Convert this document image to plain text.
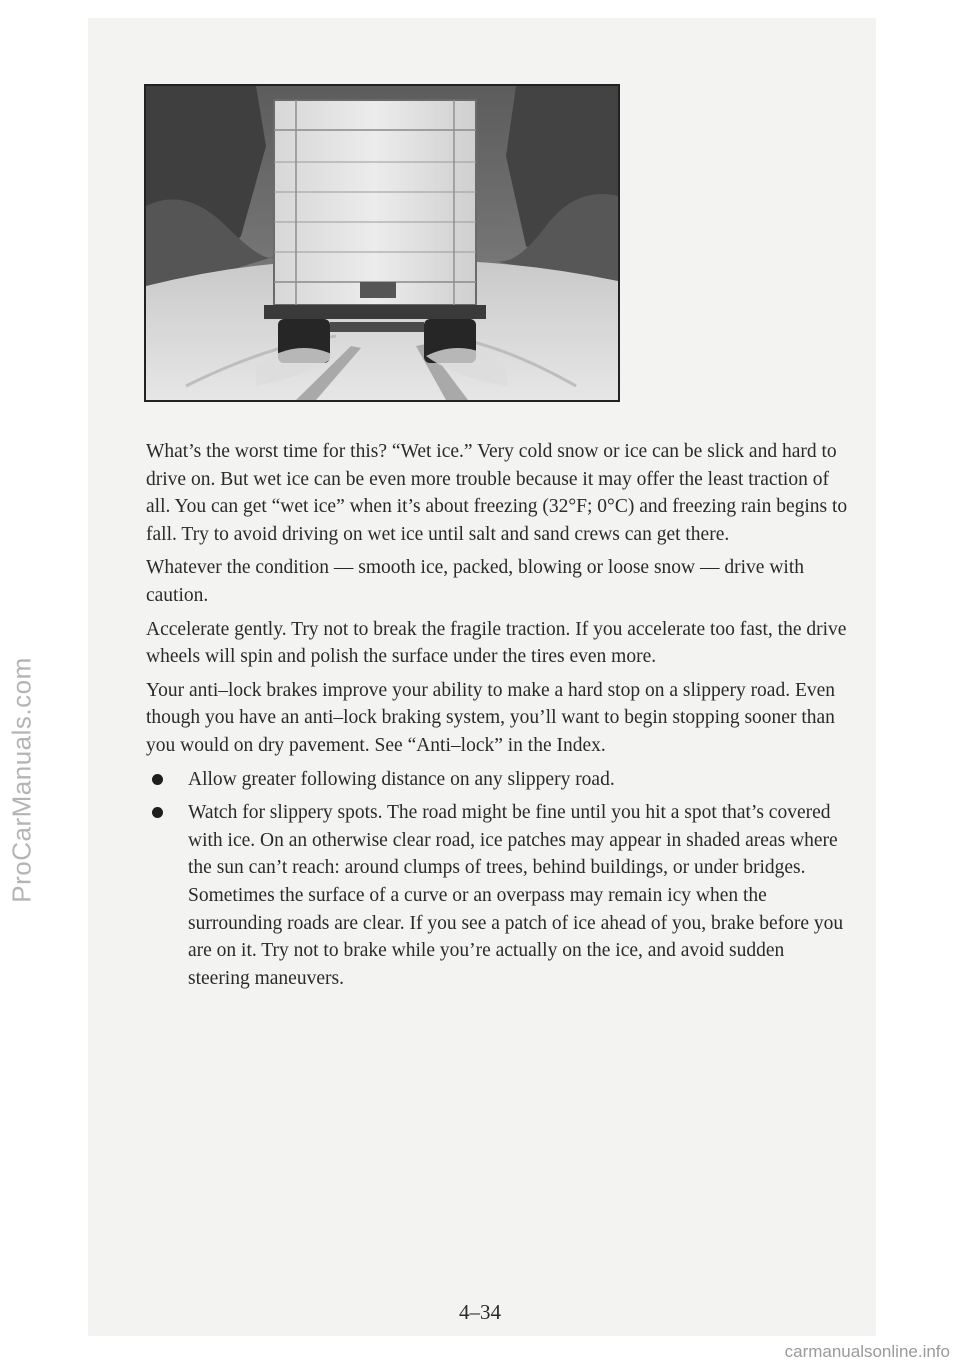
What’s the worst time for this? “Wet ice.” Very cold snow or ice can be slick and hard to drive on. But wet ice can be even more trouble because it may offer the least traction of all. You can get “wet ice” when it’s about freezing (32°F; 0°C) and freezing rain begins to fall. Try to avoid driving on wet ice until salt and sand crews can get there.

Whatever the condition — smooth ice, packed, blowing or loose snow — drive with caution.

Accelerate gently. Try not to break the fragile traction. If you accelerate too fast, the drive wheels will spin and polish the surface under the tires even more.

Your anti–lock brakes improve your ability to make a hard stop on a slippery road. Even though you have an anti–lock braking system, you’ll want to begin stopping sooner than you would on dry pavement. See “Anti–lock” in the Index.

Allow greater following distance on any slippery road.
Watch for slippery spots. The road might be fine until you hit a spot that’s covered with ice. On an otherwise clear road, ice patches may appear in shaded areas where the sun can’t reach: around clumps of trees, behind buildings, or under bridges. Sometimes the surface of a curve or an overpass may remain icy when the surrounding roads are clear. If you see a patch of ice ahead of you, brake before you are on it. Try not to brake while you’re actually on the ice, and avoid sudden steering maneuvers.
4–34
ProCarManuals.com
carmanualsonline.info
